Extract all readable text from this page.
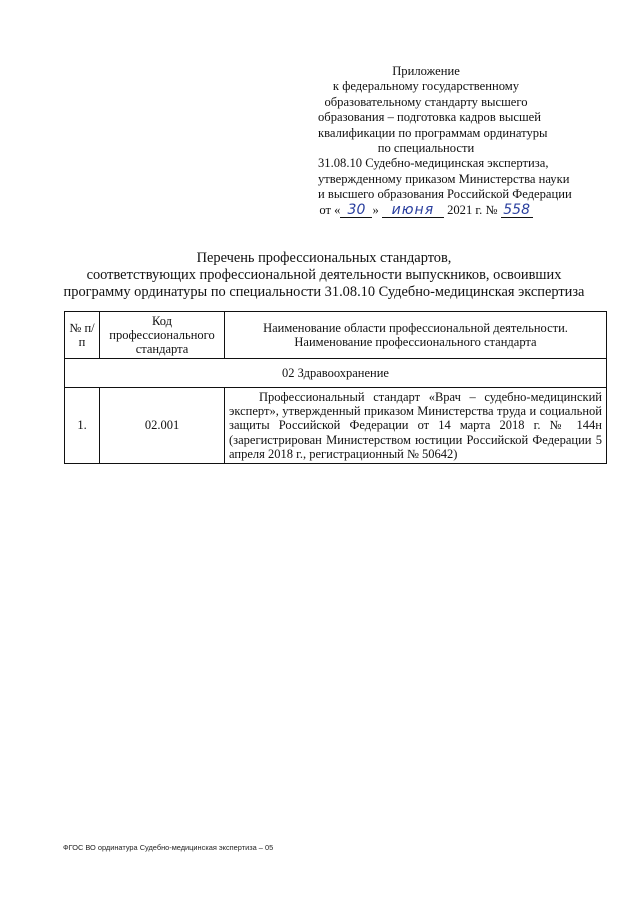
Приложение
к федеральному государственному
образовательному стандарту высшего
образования – подготовка кадров высшей
квалификации по программам ординатуры
по специальности
31.08.10 Судебно-медицинская экспертиза,
утвержденному приказом Министерства науки
и высшего образования Российской Федерации
от « 30 » июня 2021 г. № 558
Перечень профессиональных стандартов,
соответствующих профессиональной деятельности выпускников, освоивших
программу ординатуры по специальности 31.08.10 Судебно-медицинская экспертиза
№ п/п	Код профессионального стандарта	Наименование области профессиональной деятельности.
Наименование профессионального стандарта
02 Здравоохранение		
1.	02.001	Профессиональный стандарт «Врач – судебно-медицинский эксперт», утвержденный приказом Министерства труда и социальной защиты Российской Федерации от 14 марта 2018 г. № 144н (зарегистрирован Министерством юстиции Российской Федерации 5 апреля 2018 г., регистрационный № 50642)
ФГОС ВО ординатура Судебно-медицинская экспертиза – 05
